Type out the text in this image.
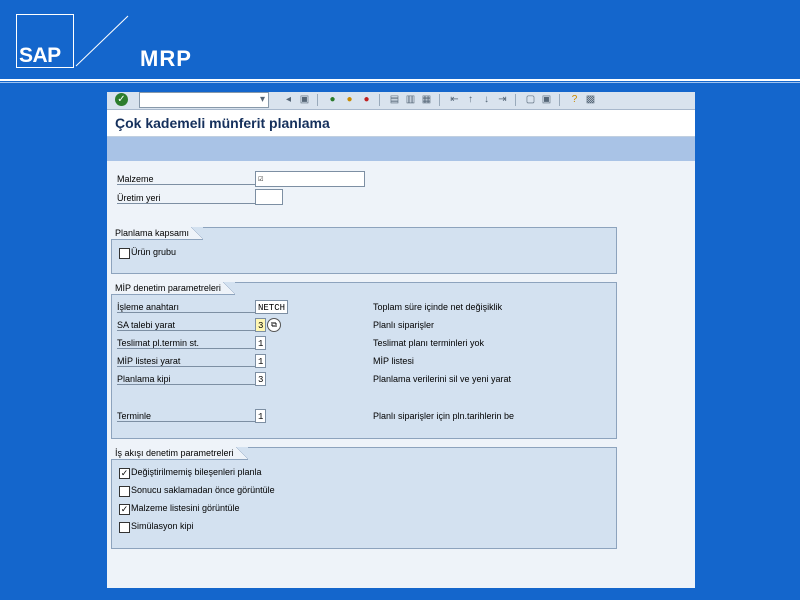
SAP	MRP
✓	▾ ◂ ▣ ● ● ● ▤ ▥ ▦ ⇤ ↑	↓ ⇥ ▢ ▣ ? ▩
Çok kademeli münferit planlama
Malzeme	☑
Üretim yeri
Planlama kapsamı
Ürün grubu
MİP denetim parametreleri
İşleme anahtarı	NETCH	Toplam süre içinde net değişiklik
SA talebi yarat	3 ⧉	Planlı siparişler
Teslimat pl.termin st.	1	Teslimat planı terminleri yok
MİP listesi yarat	1	MİP listesi
Planlama kipi	3	Planlama verilerini sil ve yeni yarat
Terminle	1	Planlı siparişler için pln.tarihlerin be
İş akışı denetim parametreleri
✓ Değiştirilmemiş bileşenleri planla
Sonucu saklamadan önce görüntüle
✓ Malzeme listesini görüntüle
Simülasyon kipi
